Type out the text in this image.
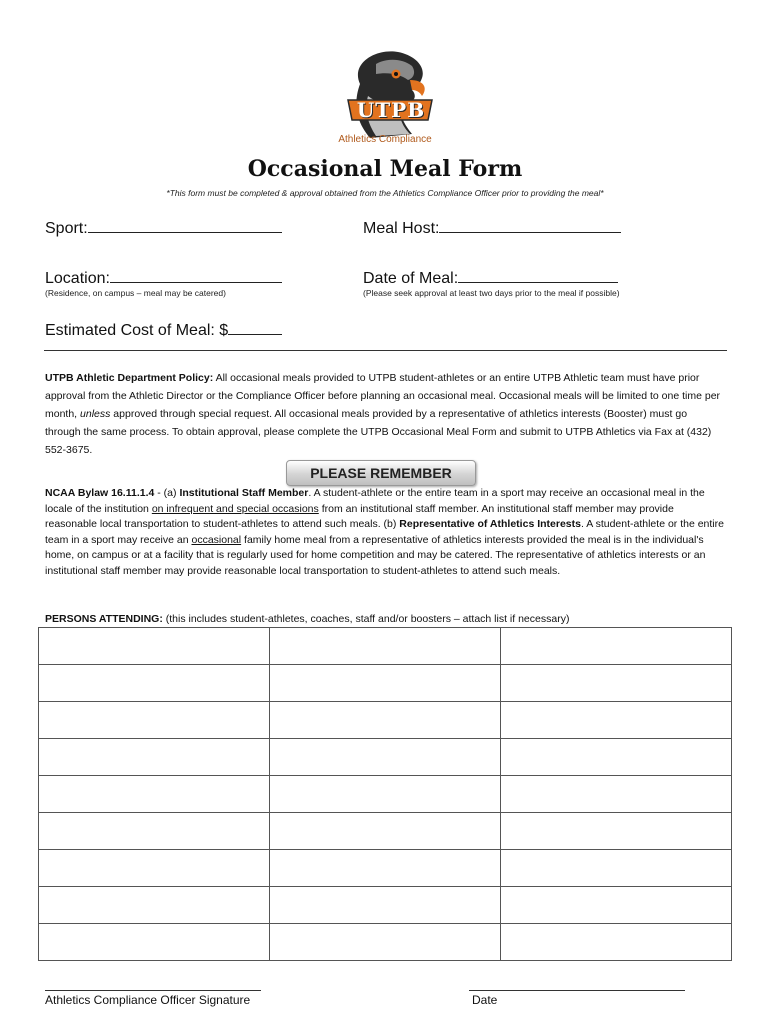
UTPB
Athletics Compliance
Occasional Meal Form
*This form must be completed & approval obtained from the Athletics Compliance Officer prior to providing the meal*
Sport:	Meal Host:
Location:
(Residence, on campus – meal may be catered)
Date of Meal:
(Please seek approval at least two days prior to the meal if possible)
Estimated Cost of Meal: $
UTPB Athletic Department Policy: All occasional meals provided to UTPB student-athletes or an entire UTPB Athletic team must have prior approval from the Athletic Director or the Compliance Officer before planning an occasional meal. Occasional meals will be limited to one time per month, unless approved through special request. All occasional meals provided by a representative of athletics interests (Booster) must go through the same process. To obtain approval, please complete the UTPB Occasional Meal Form and submit to UTPB Athletics via Fax at (432) 552-3675.
PLEASE REMEMBER
NCAA Bylaw 16.11.1.4 - (a) Institutional Staff Member. A student-athlete or the entire team in a sport may receive an occasional meal in the locale of the institution on infrequent and special occasions from an institutional staff member. An institutional staff member may provide reasonable local transportation to student-athletes to attend such meals. (b) Representative of Athletics Interests. A student-athlete or the entire team in a sport may receive an occasional family home meal from a representative of athletics interests provided the meal is in the individual's home, on campus or at a facility that is regularly used for home competition and may be catered. The representative of athletics interests or an institutional staff member may provide reasonable local transportation to student-athletes to attend such meals.
PERSONS ATTENDING: (this includes student-athletes, coaches, staff and/or boosters – attach list if necessary)

Athletics Compliance Officer Signature	Date
